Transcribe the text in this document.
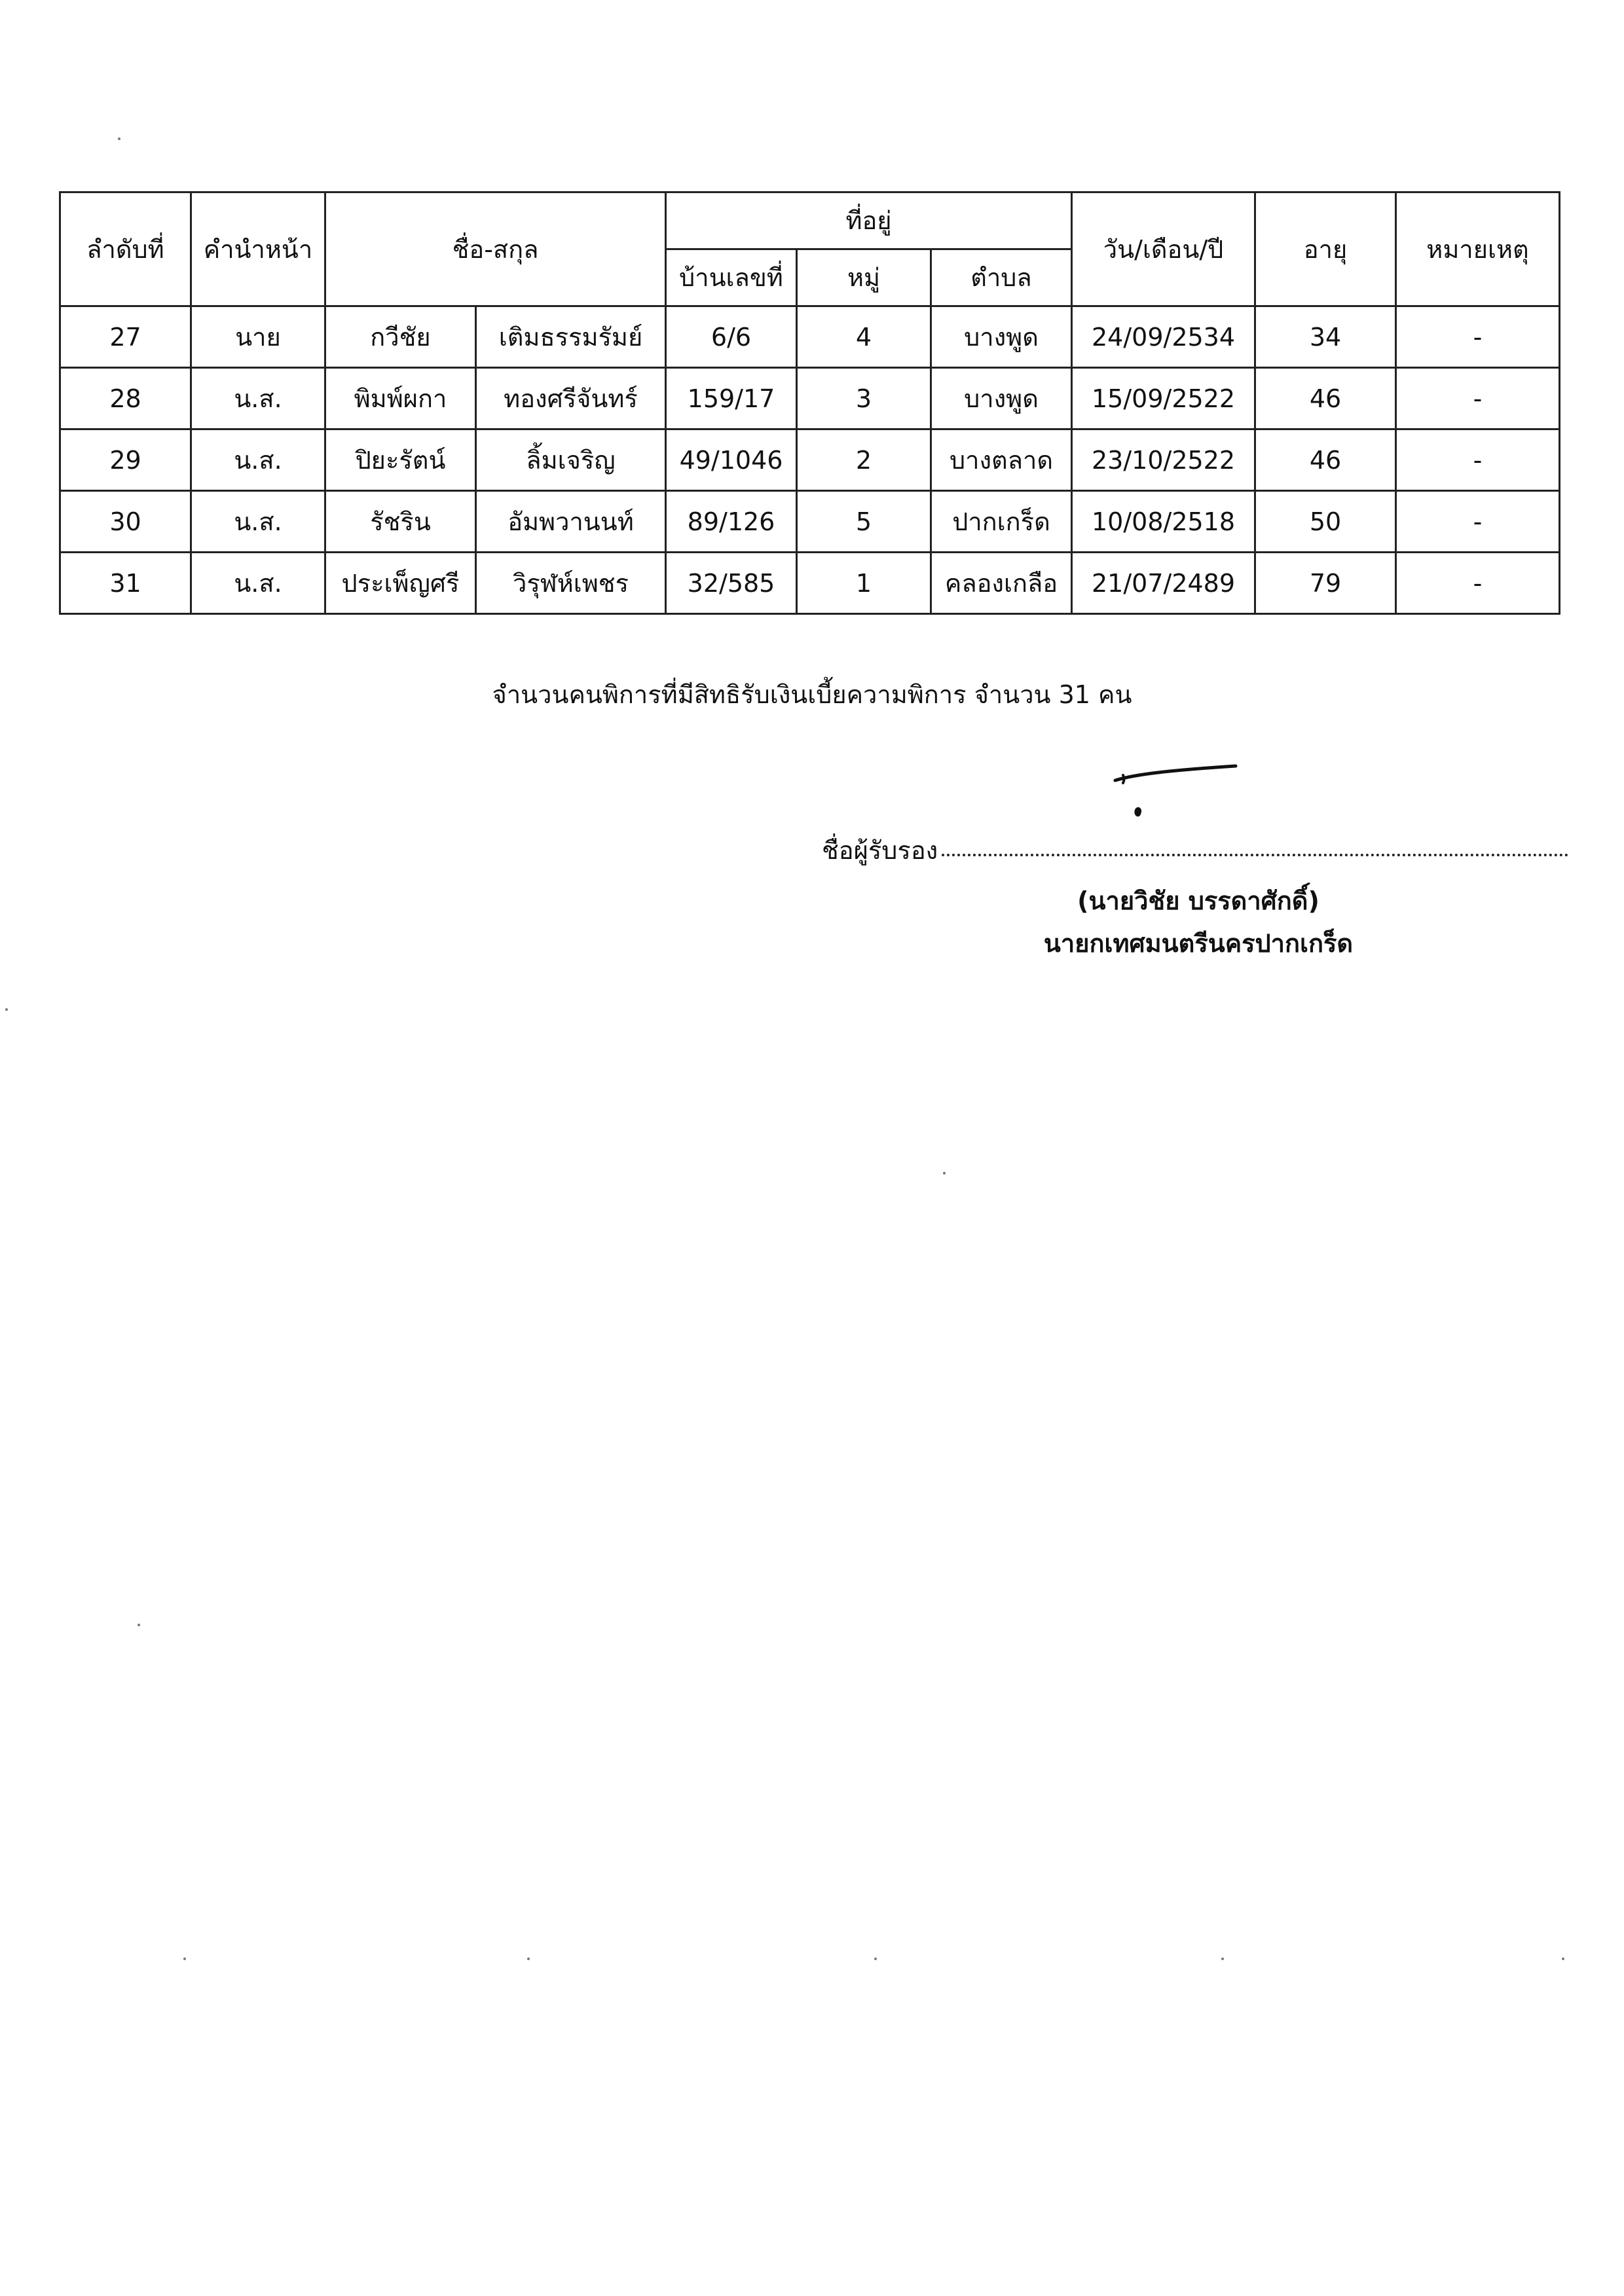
ลำดับที่	คำนำหน้า	ชื่อ-สกุล		ที่อยู่			วัน/เดือน/ปี	อายุ	หมายเหตุ
				บ้านเลขที่	หมู่	ตำบล			
27	นาย	กวีชัย	เติมธรรมรัมย์	6/6	4	บางพูด	24/09/2534	34	-
28	น.ส.	พิมพ์ผกา	ทองศรีจันทร์	159/17	3	บางพูด	15/09/2522	46	-
29	น.ส.	ปิยะรัตน์	ลิ้มเจริญ	49/1046	2	บางตลาด	23/10/2522	46	-
30	น.ส.	รัชริน	อัมพวานนท์	89/126	5	ปากเกร็ด	10/08/2518	50	-
31	น.ส.	ประเพ็ญศรี	วิรุฬห์เพชร	32/585	1	คลองเกลือ	21/07/2489	79	-
จำนวนคนพิการที่มีสิทธิรับเงินเบี้ยความพิการ จำนวน 31 คน
ชื่อผู้รับรอง
(นายวิชัย บรรดาศักดิ์)
นายกเทศมนตรีนครปากเกร็ด
